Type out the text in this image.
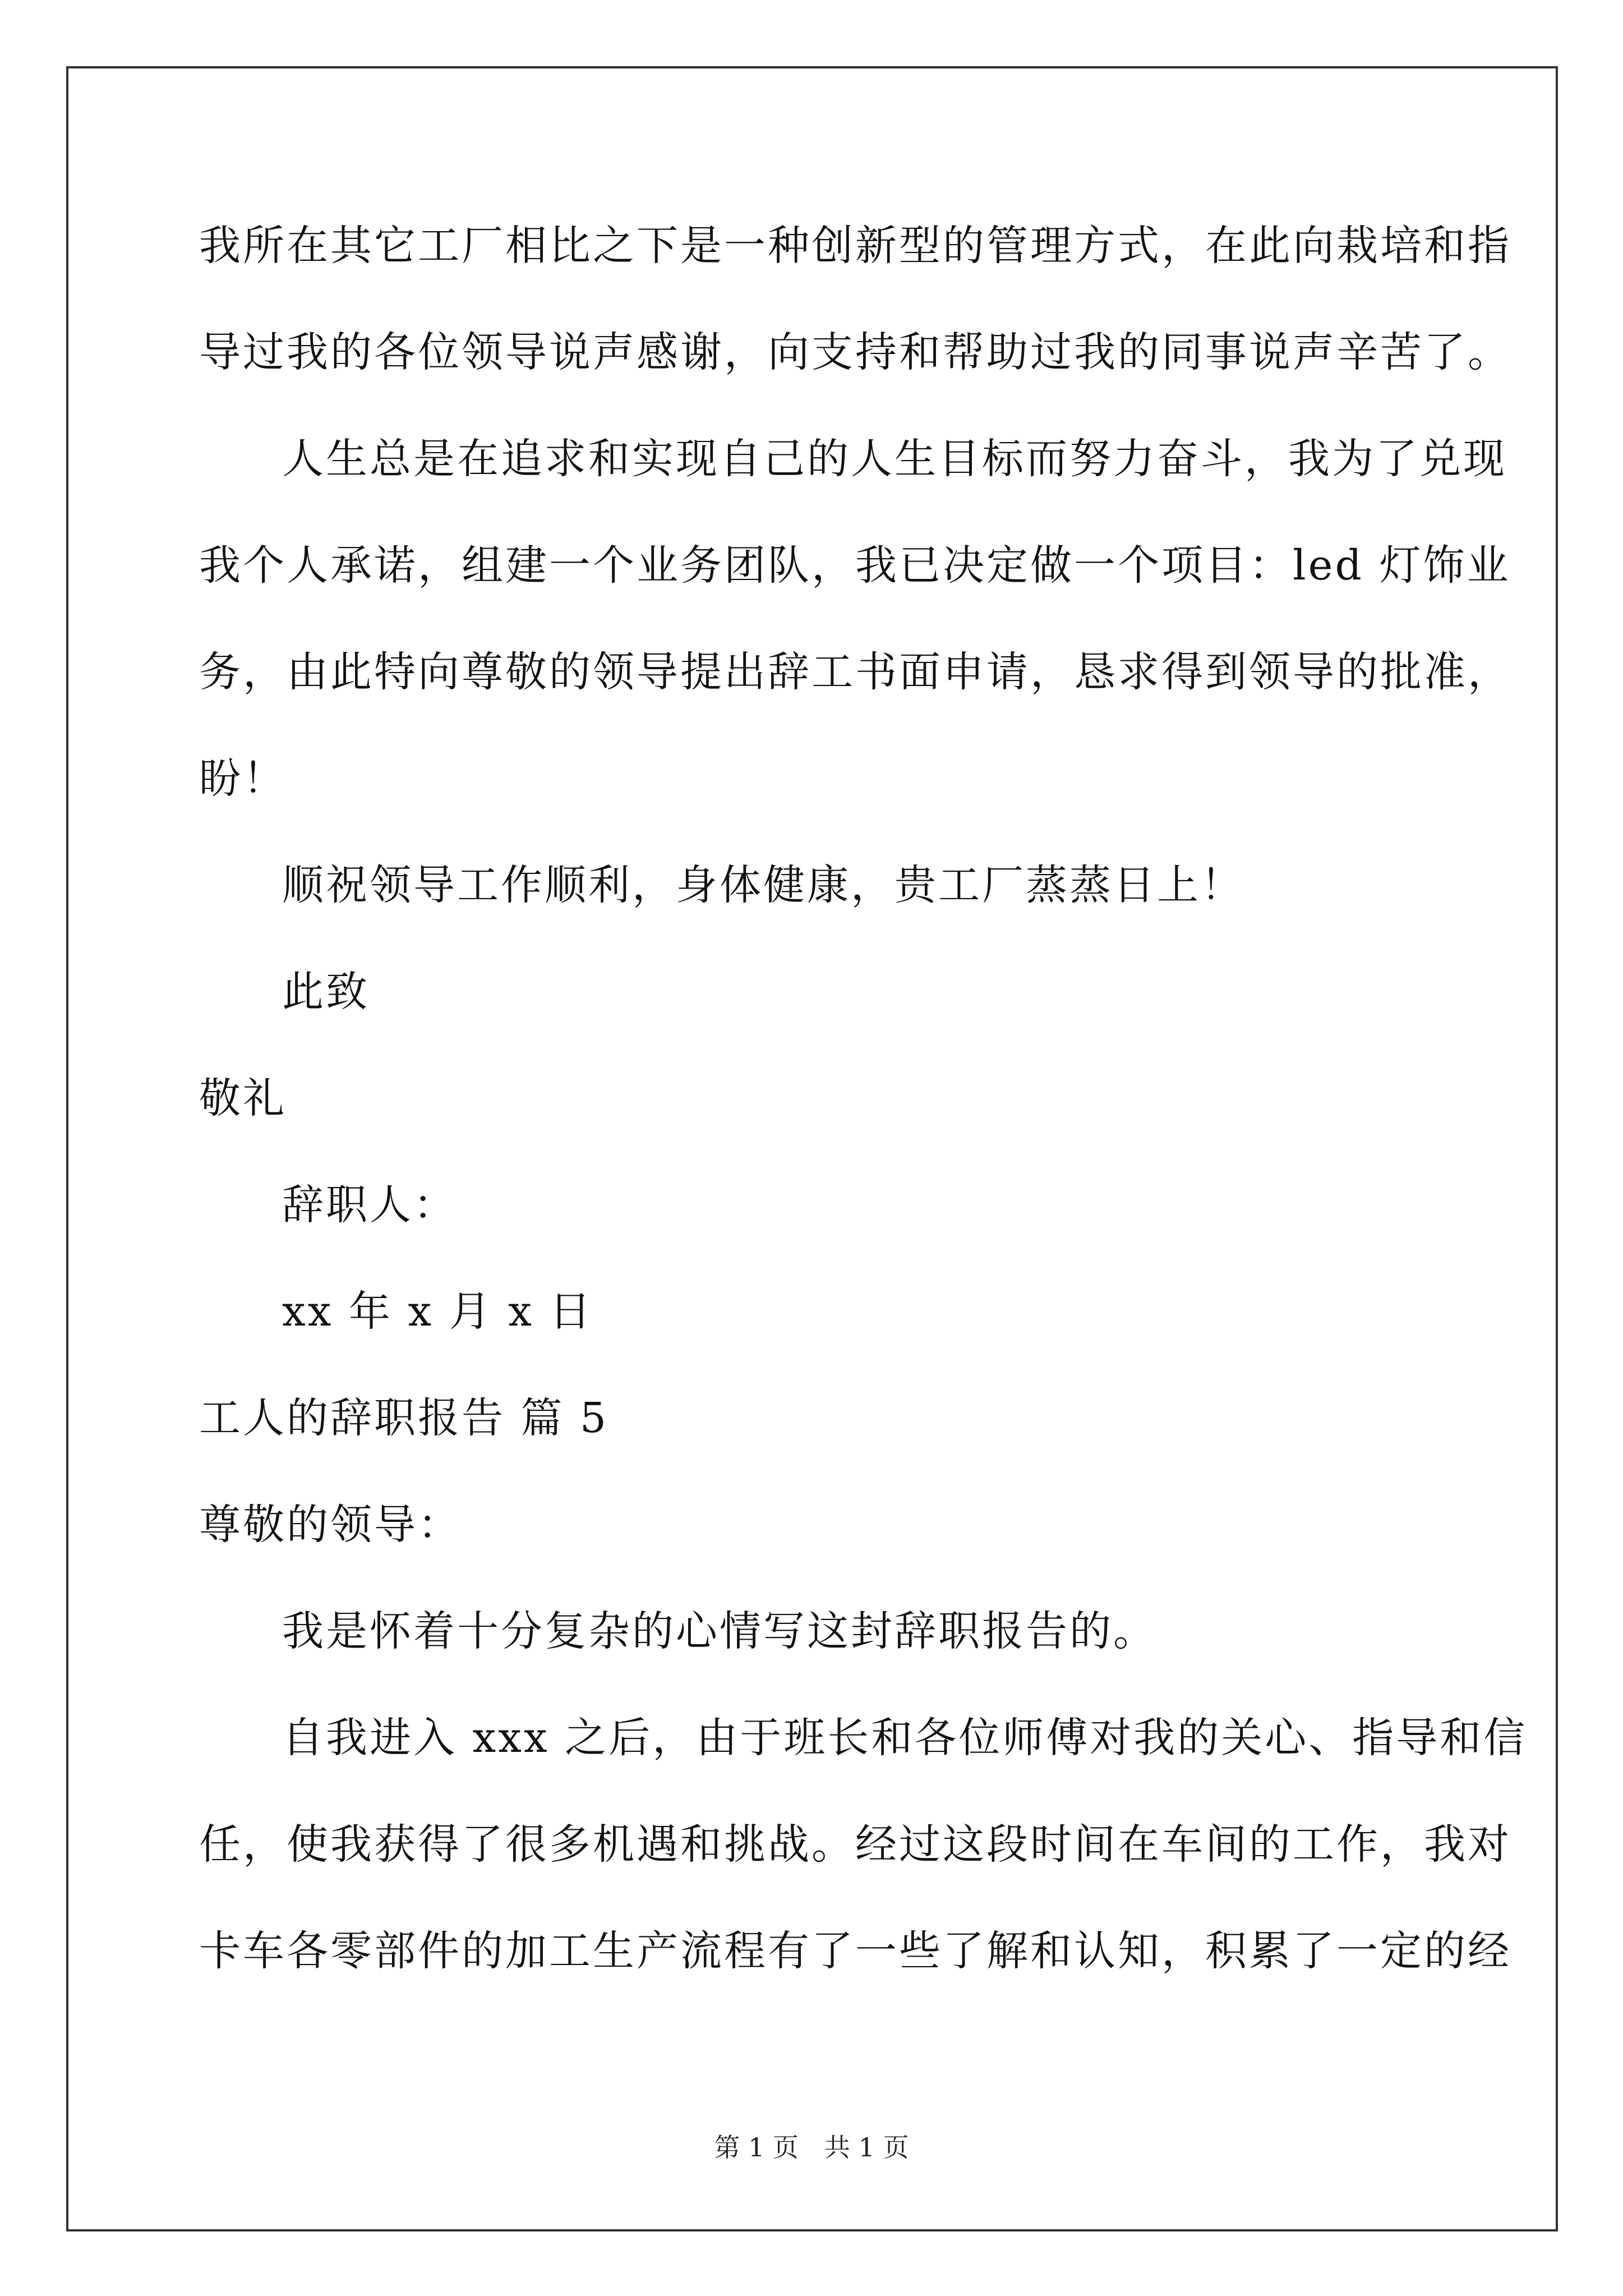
我所在其它工厂相比之下是一种创新型的管理方式，在此向栽培和指
导过我的各位领导说声感谢，向支持和帮助过我的同事说声辛苦了。
人生总是在追求和实现自己的人生目标而努力奋斗，我为了兑现
我个人承诺，组建一个业务团队，我已决定做一个项目：led 灯饰业
务，由此特向尊敬的领导提出辞工书面申请，恳求得到领导的批准，
盼！
顺祝领导工作顺利，身体健康，贵工厂蒸蒸日上！
此致
敬礼
辞职人：
xx 年 x 月 x 日
工人的辞职报告 篇 5
尊敬的领导：
我是怀着十分复杂的心情写这封辞职报告的。
自我进入 xxx 之后，由于班长和各位师傅对我的关心、指导和信
任，使我获得了很多机遇和挑战。经过这段时间在车间的工作，我对
卡车各零部件的加工生产流程有了一些了解和认知，积累了一定的经
第 1 页　共 1 页
